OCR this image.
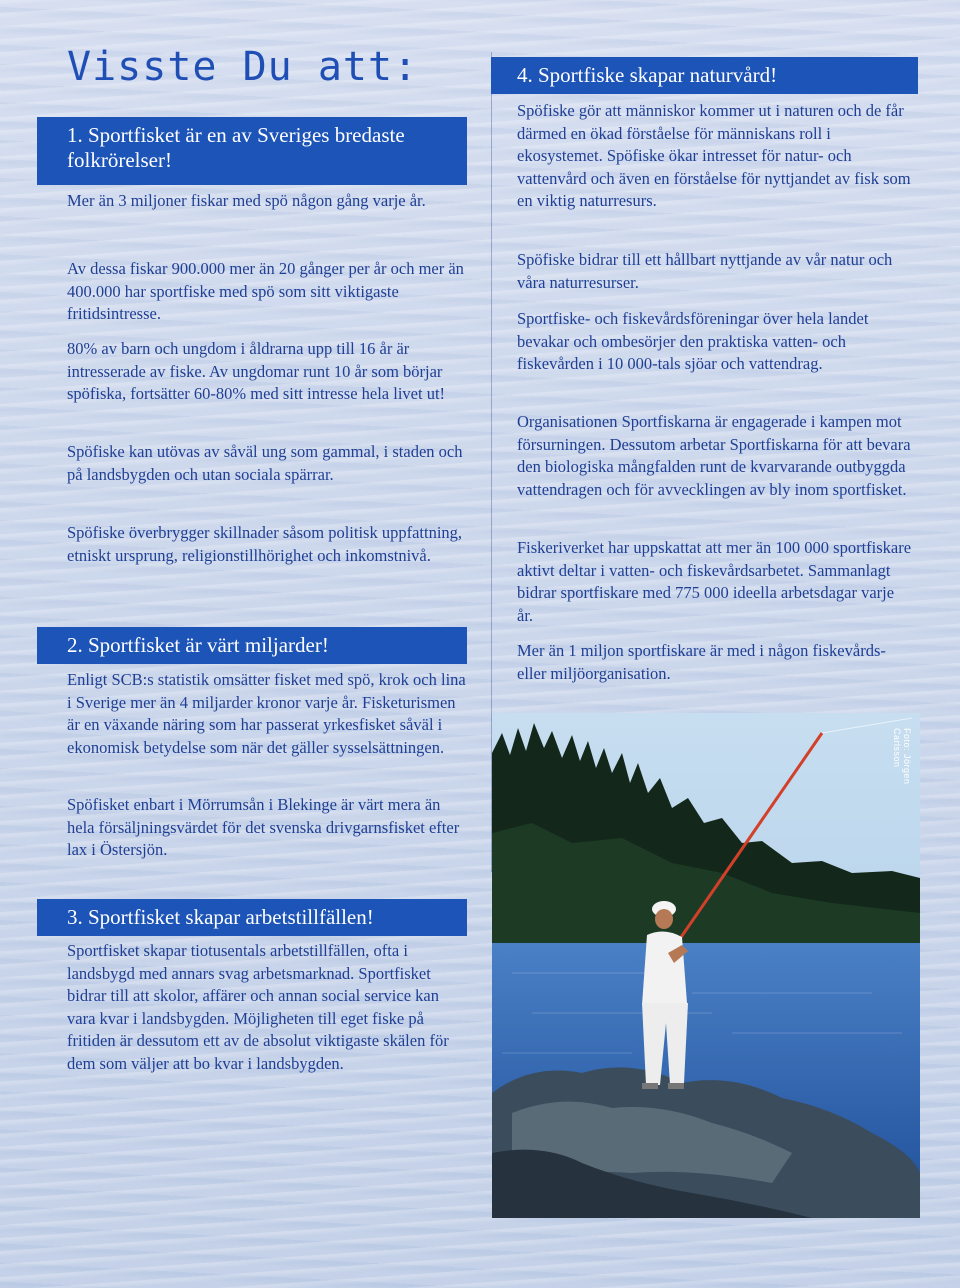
Visste Du att:
1. Sportfisket är en av Sveriges bredaste folkrörelser!

Mer än 3 miljoner fiskar med spö någon gång varje år.

Av dessa fiskar 900.000 mer än 20 gånger per år och mer än 400.000 har sportfiske med spö som sitt viktigaste fritidsintresse.

80% av barn och ungdom i åldrarna upp till 16 år är intresserade av fiske. Av ungdomar runt 10 år som börjar spöfiska, fortsätter 60-80% med sitt intresse hela livet ut!

Spöfiske kan utövas av såväl ung som gammal, i staden och på landsbygden och utan sociala spärrar.

Spöfiske överbrygger skillnader såsom politisk uppfattning, etniskt ursprung, religionstillhörighet och inkomstnivå.

2. Sportfisket är värt miljarder!

Enligt SCB:s statistik omsätter fisket med spö, krok och lina i Sverige mer än 4 miljarder kronor varje år. Fisketurismen är en växande näring som har passerat yrkesfisket såväl i ekonomisk betydelse som när det gäller sysselsättningen.

Spöfisket enbart i Mörrumsån i Blekinge är värt mera än hela försäljningsvärdet för det svenska drivgarnsfisket efter lax i Östersjön.

3. Sportfisket skapar arbetstillfällen!

Sportfisket skapar tiotusentals arbetstillfällen, ofta i landsbygd med annars svag arbetsmarknad. Sportfisket bidrar till att skolor, affärer och annan social service kan vara kvar i landsbygden. Möjligheten till eget fiske på fritiden är dessutom ett av de absolut viktigaste skälen för dem som väljer att bo kvar i landsbygden.

4. Sportfiske skapar naturvård!

Spöfiske gör att människor kommer ut i naturen och de får därmed en ökad förståelse för människans roll i ekosystemet. Spöfiske ökar intresset för natur- och vattenvård och även en förståelse för nyttjandet av fisk som en viktig naturresurs.

Spöfiske bidrar till ett hållbart nyttjande av vår natur och våra naturresurser.

Sportfiske- och fiskevårdsföreningar över hela landet bevakar och ombesörjer den praktiska vatten- och fiskevården i 10 000-tals sjöar och vattendrag.

Organisationen Sportfiskarna är engagerade i kampen mot försurningen. Dessutom arbetar Sportfiskarna för att bevara den biologiska mångfalden runt de kvarvarande outbyggda vattendragen och för avvecklingen av bly inom sportfisket.

Fiskeriverket har uppskattat att mer än 100 000 sportfiskare aktivt deltar i vatten- och fiskevårdsarbetet. Sammanlagt bidrar sportfiskare med 775 000 ideella arbetsdagar varje år.

Mer än 1 miljon sportfiskare är med i någon fiskevårds- eller miljöorganisation.

Foto: Jörgen Carlsson
